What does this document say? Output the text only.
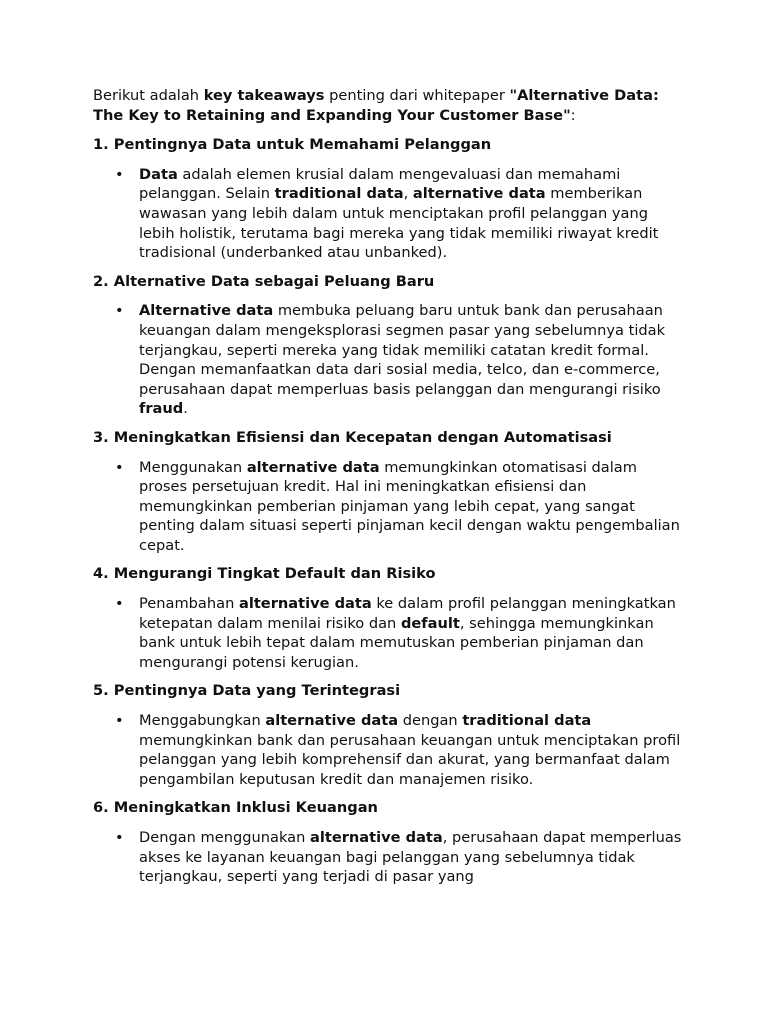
Berikut adalah key takeaways penting dari whitepaper "Alternative Data: The Key to Retaining and Expanding Your Customer Base":

1. Pentingnya Data untuk Memahami Pelanggan
• Data adalah elemen krusial dalam mengevaluasi dan memahami pelanggan. Selain traditional data, alternative data memberikan wawasan yang lebih dalam untuk menciptakan profil pelanggan yang lebih holistik, terutama bagi mereka yang tidak memiliki riwayat kredit tradisional (underbanked atau unbanked).
2. Alternative Data sebagai Peluang Baru
• Alternative data membuka peluang baru untuk bank dan perusahaan keuangan dalam mengeksplorasi segmen pasar yang sebelumnya tidak terjangkau, seperti mereka yang tidak memiliki catatan kredit formal. Dengan memanfaatkan data dari sosial media, telco, dan e-commerce, perusahaan dapat memperluas basis pelanggan dan mengurangi risiko fraud.
3. Meningkatkan Efisiensi dan Kecepatan dengan Automatisasi
• Menggunakan alternative data memungkinkan otomatisasi dalam proses persetujuan kredit. Hal ini meningkatkan efisiensi dan memungkinkan pemberian pinjaman yang lebih cepat, yang sangat penting dalam situasi seperti pinjaman kecil dengan waktu pengembalian cepat.
4. Mengurangi Tingkat Default dan Risiko
• Penambahan alternative data ke dalam profil pelanggan meningkatkan ketepatan dalam menilai risiko dan default, sehingga memungkinkan bank untuk lebih tepat dalam memutuskan pemberian pinjaman dan mengurangi potensi kerugian.
5. Pentingnya Data yang Terintegrasi
• Menggabungkan alternative data dengan traditional data memungkinkan bank dan perusahaan keuangan untuk menciptakan profil pelanggan yang lebih komprehensif dan akurat, yang bermanfaat dalam pengambilan keputusan kredit dan manajemen risiko.
6. Meningkatkan Inklusi Keuangan
• Dengan menggunakan alternative data, perusahaan dapat memperluas akses ke layanan keuangan bagi pelanggan yang sebelumnya tidak terjangkau, seperti yang terjadi di pasar yang
